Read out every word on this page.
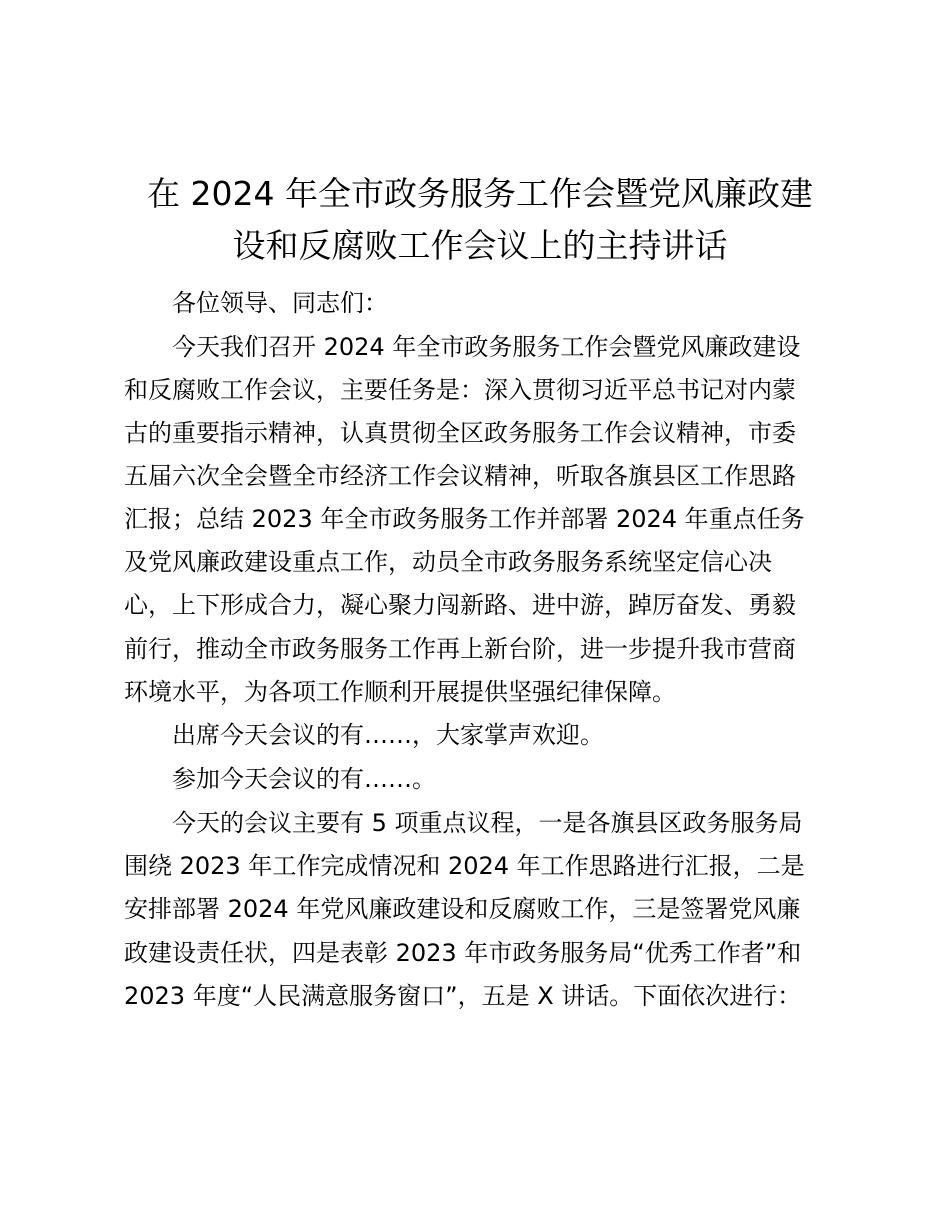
在 2024 年全市政务服务工作会暨党风廉政建
设和反腐败工作会议上的主持讲话

各位领导、同志们：

今天我们召开 2024 年全市政务服务工作会暨党风廉政建设

和反腐败工作会议，主要任务是：深入贯彻习近平总书记对内蒙

古的重要指示精神，认真贯彻全区政务服务工作会议精神，市委

五届六次全会暨全市经济工作会议精神，听取各旗县区工作思路

汇报；总结 2023 年全市政务服务工作并部署 2024 年重点任务

及党风廉政建设重点工作，动员全市政务服务系统坚定信心决

心，上下形成合力，凝心聚力闯新路、进中游，踔厉奋发、勇毅

前行，推动全市政务服务工作再上新台阶，进一步提升我市营商

环境水平，为各项工作顺利开展提供坚强纪律保障。

出席今天会议的有……，大家掌声欢迎。

参加今天会议的有……。

今天的会议主要有 5 项重点议程，一是各旗县区政务服务局

围绕 2023 年工作完成情况和 2024 年工作思路进行汇报，二是

安排部署 2024 年党风廉政建设和反腐败工作，三是签署党风廉

政建设责任状，四是表彰 2023 年市政务服务局“优秀工作者”和

2023 年度“人民满意服务窗口”，五是 X 讲话。下面依次进行：
